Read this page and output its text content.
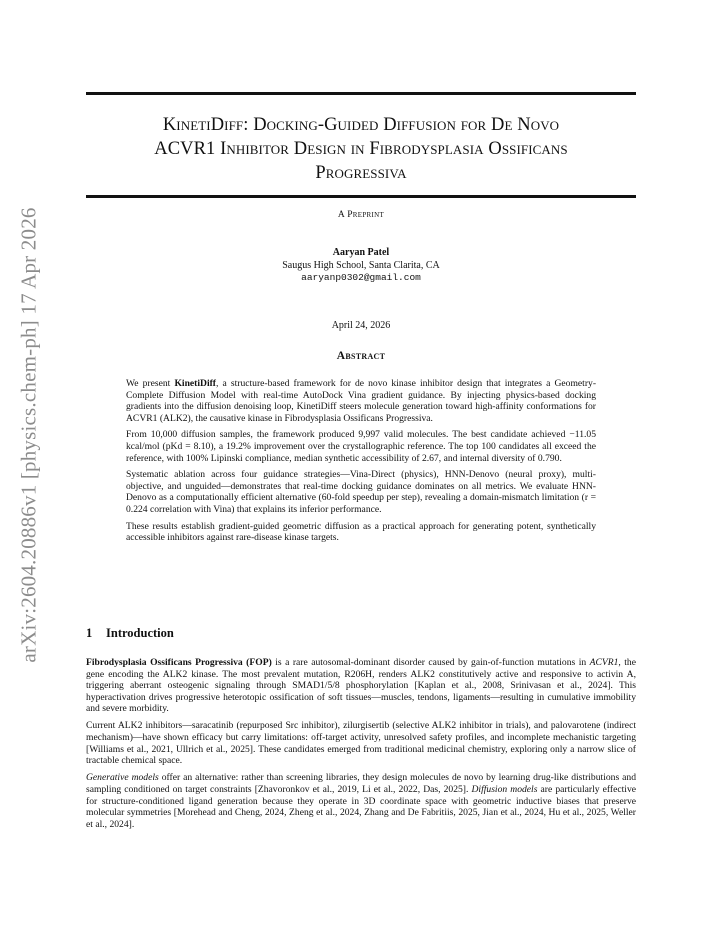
arXiv:2604.20886v1 [physics.chem-ph] 17 Apr 2026
KinetiDiff: Docking-Guided Diffusion for De Novo
ACVR1 Inhibitor Design in Fibrodysplasia Ossificans
Progressiva
A Preprint
Aaryan Patel
Saugus High School, Santa Clarita, CA
aaryanp0302@gmail.com
April 24, 2026
Abstract

We present KinetiDiff, a structure-based framework for de novo kinase inhibitor design that integrates a Geometry-Complete Diffusion Model with real-time AutoDock Vina gradient guidance. By injecting physics-based docking gradients into the diffusion denoising loop, KinetiDiff steers molecule generation toward high-affinity conformations for ACVR1 (ALK2), the causative kinase in Fibrodysplasia Ossificans Progressiva.

From 10,000 diffusion samples, the framework produced 9,997 valid molecules. The best candidate achieved −11.05 kcal/mol (pKd = 8.10), a 19.2% improvement over the crystallographic reference. The top 100 candidates all exceed the reference, with 100% Lipinski compliance, median synthetic accessibility of 2.67, and internal diversity of 0.790.

Systematic ablation across four guidance strategies—Vina-Direct (physics), HNN-Denovo (neural proxy), multi-objective, and unguided—demonstrates that real-time docking guidance dominates on all metrics. We evaluate HNN-Denovo as a computationally efficient alternative (60-fold speedup per step), revealing a domain-mismatch limitation (r = 0.224 correlation with Vina) that explains its inferior performance.

These results establish gradient-guided geometric diffusion as a practical approach for generating potent, synthetically accessible inhibitors against rare-disease kinase targets.

1 Introduction

Fibrodysplasia Ossificans Progressiva (FOP) is a rare autosomal-dominant disorder caused by gain-of-function mutations in ACVR1, the gene encoding the ALK2 kinase. The most prevalent mutation, R206H, renders ALK2 constitutively active and responsive to activin A, triggering aberrant osteogenic signaling through SMAD1/5/8 phosphorylation [Kaplan et al., 2008, Srinivasan et al., 2024]. This hyperactivation drives progressive heterotopic ossification of soft tissues—muscles, tendons, ligaments—resulting in cumulative immobility and severe morbidity.

Current ALK2 inhibitors—saracatinib (repurposed Src inhibitor), zilurgisertib (selective ALK2 inhibitor in trials), and palovarotene (indirect mechanism)—have shown efficacy but carry limitations: off-target activity, unresolved safety profiles, and incomplete mechanistic targeting [Williams et al., 2021, Ullrich et al., 2025]. These candidates emerged from traditional medicinal chemistry, exploring only a narrow slice of tractable chemical space.

Generative models offer an alternative: rather than screening libraries, they design molecules de novo by learning drug-like distributions and sampling conditioned on target constraints [Zhavoronkov et al., 2019, Li et al., 2022, Das, 2025]. Diffusion models are particularly effective for structure-conditioned ligand generation because they operate in 3D coordinate space with geometric inductive biases that preserve molecular symmetries [Morehead and Cheng, 2024, Zheng et al., 2024, Zhang and De Fabritiis, 2025, Jian et al., 2024, Hu et al., 2025, Weller et al., 2024].
